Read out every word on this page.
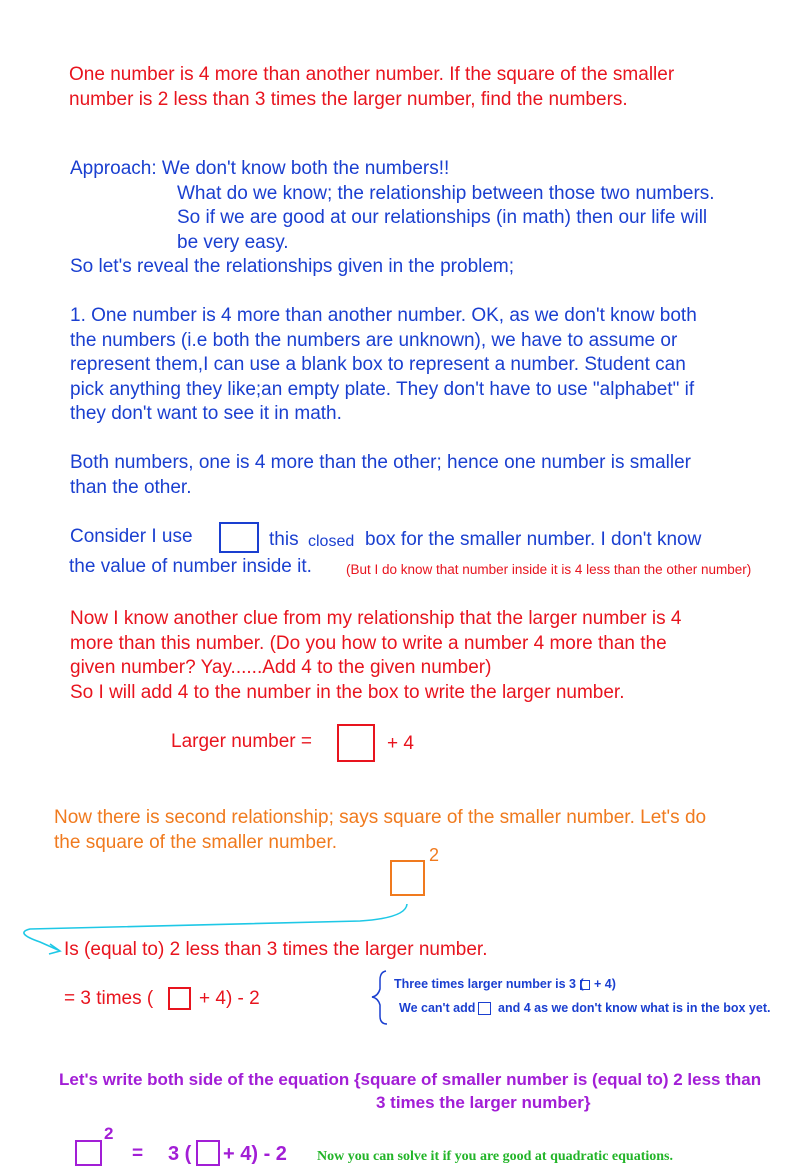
One number is 4 more than another number. If the square of the smaller
number is 2 less than 3 times the larger number, find the numbers.
Approach: We don't know both the numbers!!
What do we know; the relationship between those two numbers.
So if we are good at our relationships (in math) then our life will
be very easy.
So let's reveal the relationships given in the problem;
1. One number is 4 more than another number. OK, as we don't know both
the numbers (i.e both the numbers are unknown), we have to assume or
represent them,I can use a blank box to represent a number. Student can
pick anything they like;an empty plate. They don't have to use "alphabet" if
they don't want to see it in math.
Both numbers, one is 4 more than the other; hence one number is smaller
than the other.
Consider I use	this closed box for the smaller number. I don't know
the value of number inside it.	(But I do know that number inside it is 4 less than the other number)
Now I know another clue from my relationship that the larger number is 4
more than this number. (Do you how to write a number 4 more than the
given number? Yay......Add 4 to the given number)
So I will add 4 to the number in the box to write the larger number.
Larger number =	+ 4
Now there is second relationship; says square of the smaller number. Let's do
the square of the smaller number.
2
Is (equal to) 2 less than 3 times the larger number.
= 3 times ( + 4) - 2
Three times larger number is 3 ( + 4)
We can't add and 4 as we don't know what is in the box yet.
Let's write both side of the equation {square of smaller number is (equal to) 2 less than
3 times the larger number}
2
= 3 ( + 4) - 2 Now you can solve it if you are good at quadratic equations.
